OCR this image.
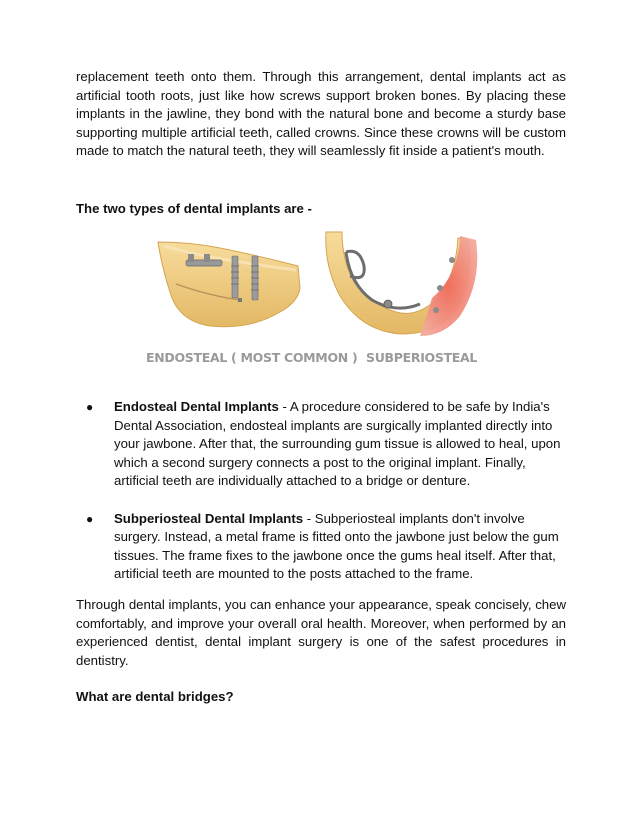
replacement teeth onto them. Through this arrangement, dental implants act as artificial tooth roots, just like how screws support broken bones. By placing these implants in the jawline, they bond with the natural bone and become a sturdy base supporting multiple artificial teeth, called crowns. Since these crowns will be custom made to match the natural teeth, they will seamlessly fit inside a patient's mouth.

The two types of dental implants are -

ENDOSTEAL ( MOST COMMON ) SUBPERIOSTEAL
● Endosteal Dental Implants - A procedure considered to be safe by India's Dental Association, endosteal implants are surgically implanted directly into your jawbone. After that, the surrounding gum tissue is allowed to heal, upon which a second surgery connects a post to the original implant. Finally, artificial teeth are individually attached to a bridge or denture.
● Subperiosteal Dental Implants - Subperiosteal implants don't involve surgery. Instead, a metal frame is fitted onto the jawbone just below the gum tissues. The frame fixes to the jawbone once the gums heal itself. After that, artificial teeth are mounted to the posts attached to the frame.

Through dental implants, you can enhance your appearance, speak concisely, chew comfortably, and improve your overall oral health. Moreover, when performed by an experienced dentist, dental implant surgery is one of the safest procedures in dentistry.

What are dental bridges?
